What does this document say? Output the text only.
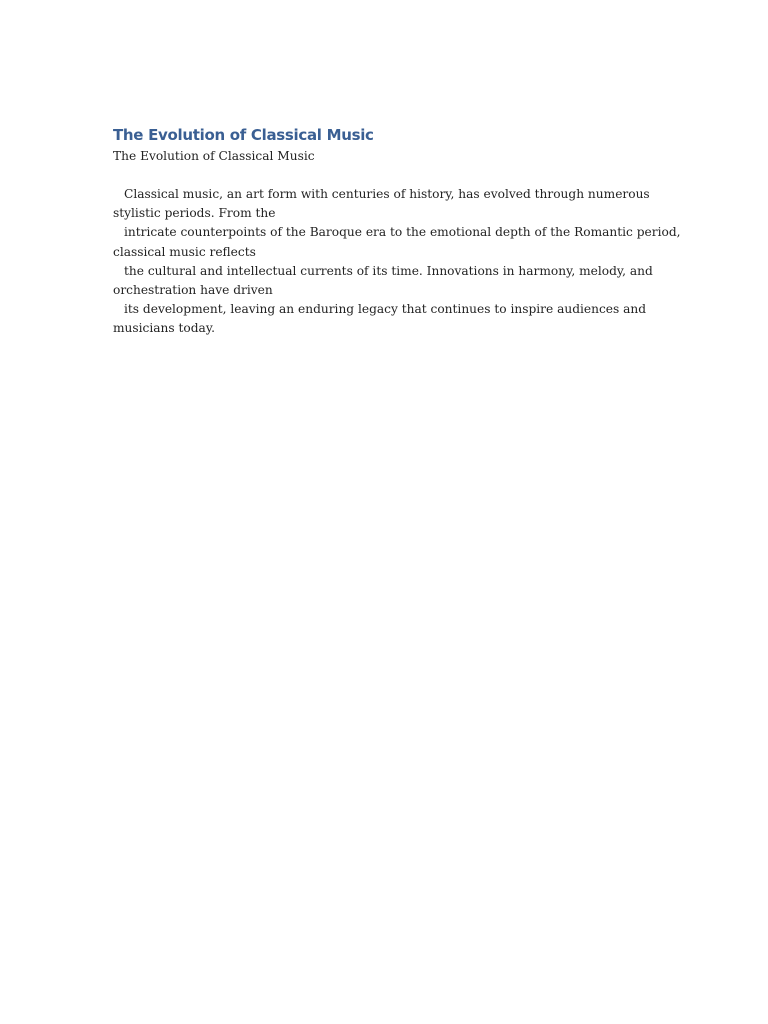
The Evolution of Classical Music
The Evolution of Classical Music
Classical music, an art form with centuries of history, has evolved through numerous
stylistic periods. From the
intricate counterpoints of the Baroque era to the emotional depth of the Romantic period,
classical music reflects
the cultural and intellectual currents of its time. Innovations in harmony, melody, and
orchestration have driven
its development, leaving an enduring legacy that continues to inspire audiences and
musicians today.
